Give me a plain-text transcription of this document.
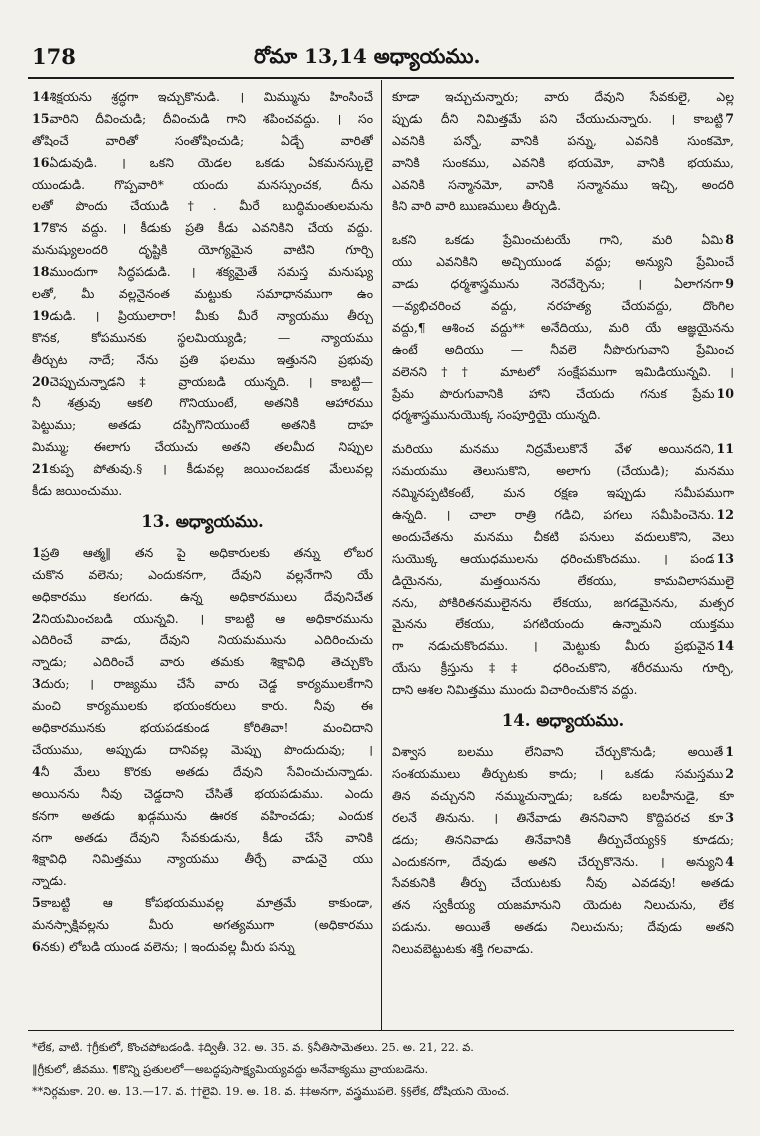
178	రోమా 13,14 అధ్యాయము.
14శిక్షయను శ్రద్ధగా ఇచ్చుకొనుడి. । మిమ్మును హింసించే
15వారిని దీవించుడి; దీవించుడి గాని శపించవద్దు. । సం
తోషించే వారితో సంతోషించుడి; ఏడ్చే వారితో
16ఏడువుడి. । ఒకని యెడల ఒకడు ఏకమనస్కులై
యుండుడి. గొప్పవారి* యందు మనస్సుంచక, దీను
లతో పొందు చేయుడి†. మీరే బుద్ధిమంతులమను
17కొన వద్దు. । కీడుకు ప్రతి కీడు ఎవనికిని చేయ వద్దు.
మనుష్యులందరి దృష్టికి యోగ్యమైన వాటిని గూర్చి
18ముందుగా సిద్ధపడుడి. । శక్యమైతే సమస్త మనుష్యు
లతో, మీ వల్లనైనంత మట్టుకు సమాధానముగా ఉం
19డుడి. । ప్రియులారా! మీకు మీరే న్యాయము తీర్చు
కొనక, కోపమునకు స్థలమియ్యుడి; — న్యాయము
తీర్చుట నాదే; నేను ప్రతి ఫలము ఇత్తునని ప్రభువు
20చెప్పుచున్నాడని‡ వ్రాయబడి యున్నది. । కాబట్టి—
నీ శత్రువు ఆకలి గొనియుంటే, అతనికి ఆహారము
పెట్టుము; అతడు దప్పిగొనియుంటే అతనికి దాహ
మిమ్ము; ఈలాగు చేయుచు అతని తలమీద నిప్పుల
21కుప్ప పోతువు.§ । కీడువల్ల జయించబడక మేలువల్ల
కీడు జయించుము.
13. అధ్యాయము.
1ప్రతి ఆత్మ‖ తన పై అధికారులకు తన్ను లోబర
చుకొన వలెను; ఎందుకనగా, దేవుని వల్లనేగాని యే
అధికారము కలగదు. ఉన్న అధికారములు దేవునిచేత
2నియమించబడి యున్నవి. । కాబట్టి ఆ అధికారమును
ఎదిరించే వాడు, దేవుని నియమమును ఎదిరించుచు
న్నాడు; ఎదిరించే వారు తమకు శిక్షావిధి తెచ్చుకొం
3దురు; । రాజ్యము చేసే వారు చెడ్డ కార్యములకేగాని
మంచి కార్యములకు భయంకరులు కారు. నీవు ఈ
అధికారమునకు భయపడకుండ కోరితివా! మంచిదాని
చేయుము, అప్పుడు దానివల్ల మెప్పు పొందుదువు; ।
4నీ మేలు కొరకు అతడు దేవుని సేవించుచున్నాడు.
అయినను నీవు చెడ్డదాని చేసితే భయపడుము. ఎందు
కనగా అతడు ఖడ్గమును ఊరక వహించడు; ఎందుక
నగా అతడు దేవుని సేవకుడును, కీడు చేసే వానికి
శిక్షావిధి నిమిత్తము న్యాయము తీర్చే వాడునై యు
న్నాడు.
5కాబట్టి ఆ కోపభయమువల్ల మాత్రమే కాకుండా,
మనస్సాక్షివల్లను మీరు అగత్యముగా (అధికారము
6నకు) లోబడి యుండ వలెను; । ఇందువల్ల మీరు పన్ను
కూడా ఇచ్చుచున్నారు; వారు దేవుని సేవకులై, ఎల్ల
7
ప్పుడు దీని నిమిత్తమే పని చేయుచున్నారు. । కాబట్టి
ఎవనికి పన్నో, వానికి పన్ను, ఎవనికి సుంకమో,
వానికి సుంకము, ఎవనికి భయమో, వానికి భయము,
ఎవనికి సన్మానమో, వానికి సన్మానము ఇచ్చి, అందరి
కిని వారి వారి ఋణములు తీర్చుడి.
8
ఒకని ఒకడు ప్రేమించుటయే గాని, మరి ఏమి
యు ఎవనికిని అచ్చియుండ వద్దు; అన్యుని ప్రేమించే
9
వాడు ధర్మశాస్త్రమును నెరవేర్చెను; । ఏలాగనగా
—వ్యభిచరించ వద్దు, నరహత్య చేయవద్దు, దొంగిల
వద్దు,¶ ఆశించ వద్దు** అనేదియు, మరి యే ఆజ్ఞయైనను
ఉంటే అదియు — నీవలె నీపొరుగువాని ప్రేమించ
వలెనని†† మాటలో సంక్షేపముగా ఇమిడియున్నవి. ।
10
ప్రేమ పొరుగువానికి హాని చేయదు గనుక ప్రేమ
ధర్మశాస్త్రమునుయొక్క సంపూర్తియై యున్నది.
11
మరియు మనము నిద్రమేలుకొనే వేళ అయినదని,
సమయము తెలుసుకొని, అలాగు (చేయుడి); మనము
నమ్మినప్పటికంటే, మన రక్షణ ఇప్పుడు సమీపముగా
12
ఉన్నది. । చాలా రాత్రి గడిచి, పగలు సమీపించెను.
అందుచేతను మనము చీకటి పనులు వదులుకొని, వెలు
13
సుయొక్క ఆయుధములను ధరించుకొందము. । పండ
డియైనను, మత్తయినను లేకయు, కామవిలాసములై
నను, పోకిరితనములైనను లేకయు, జగడమైనను, మత్సర
మైనను లేకయు, పగటియందు ఉన్నామని యుక్తము
14
గా నడుచుకొందము. । మెట్టుకు మీరు ప్రభువైన
యేసు క్రీస్తును‡‡ ధరించుకొని, శరీరమును గూర్చి,
దాని ఆశల నిమిత్తము ముందు విచారించుకొన వద్దు.
14. అధ్యాయము.
1
విశ్వాస బలము లేనివాని చేర్చుకొనుడి; అయితే
2
సంశయములు తీర్చుటకు కాదు; । ఒకడు సమస్తము
తిన వచ్చునని నమ్ముచున్నాడు; ఒకడు బలహీనుడై, కూ
3
రలనే తినును. । తినేవాడు తిననివాని కొద్దిపరచ కూ
డదు; తిననివాడు తినేవానికి తీర్పుచేయ్య§§ కూడదు;
4
ఎందుకనగా, దేవుడు అతని చేర్చుకొనెను. । అన్యుని
సేవకునికి తీర్పు చేయుటకు నీవు ఎవడవు! అతడు
తన స్వకీయ్య యజమానుని యెదుట నిలుచును, లేక
పడును. అయితే అతడు నిలుచును; దేవుడు అతని
నిలువబెట్టుటకు శక్తి గలవాడు.
*లేక, వాటి. †గ్రీకులో, కొంచపోబడండి. ‡ద్వితీ. 32. అ. 35. వ. §నీతిసామెతలు. 25. అ. 21, 22. వ.
‖గ్రీకులో, జీవము. ¶కొన్ని ప్రతులలో—అబద్ధపుసాక్ష్యమియ్యవద్దు అనేవాక్యము వ్రాయబడెను.
**నిర్గమకా. 20. అ. 13.—17. వ. ††లైవి. 19. అ. 18. వ. ‡‡అనగా, వస్త్రముపలె. §§లేక, దోషియని యెంచ.
